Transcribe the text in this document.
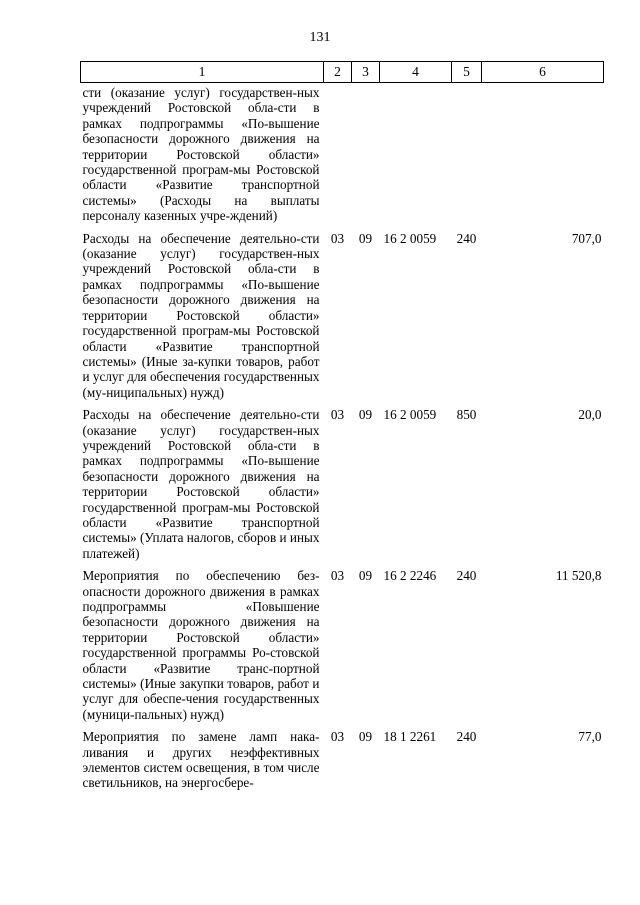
131
1	2	3	4	5	6
сти (оказание услуг) государствен-ных учреждений Ростовской обла-сти в рамках подпрограммы «По-вышение безопасности дорожного движения на территории Ростовской области» государственной програм-мы Ростовской области «Развитие транспортной системы» (Расходы на выплаты персоналу казенных учре-ждений)					
Расходы на обеспечение деятельно-сти (оказание услуг) государствен-ных учреждений Ростовской обла-сти в рамках подпрограммы «По-вышение безопасности дорожного движения на территории Ростовской области» государственной програм-мы Ростовской области «Развитие транспортной системы» (Иные за-купки товаров, работ и услуг для обеспечения государственных (му-ниципальных) нужд)	03	09	16 2 0059	240	707,0
Расходы на обеспечение деятельно-сти (оказание услуг) государствен-ных учреждений Ростовской обла-сти в рамках подпрограммы «По-вышение безопасности дорожного движения на территории Ростовской области» государственной програм-мы Ростовской области «Развитие транспортной системы» (Уплата налогов, сборов и иных платежей)	03	09	16 2 0059	850	20,0
Мероприятия по обеспечению без-опасности дорожного движения в рамках подпрограммы «Повышение безопасности дорожного движения на территории Ростовской области» государственной программы Ро-стовской области «Развитие транс-портной системы» (Иные закупки товаров, работ и услуг для обеспе-чения государственных (муници-пальных) нужд)	03	09	16 2 2246	240	11 520,8
Мероприятия по замене ламп нака-ливания и других неэффективных элементов систем освещения, в том числе светильников, на энергосбере-	03	09	18 1 2261	240	77,0
